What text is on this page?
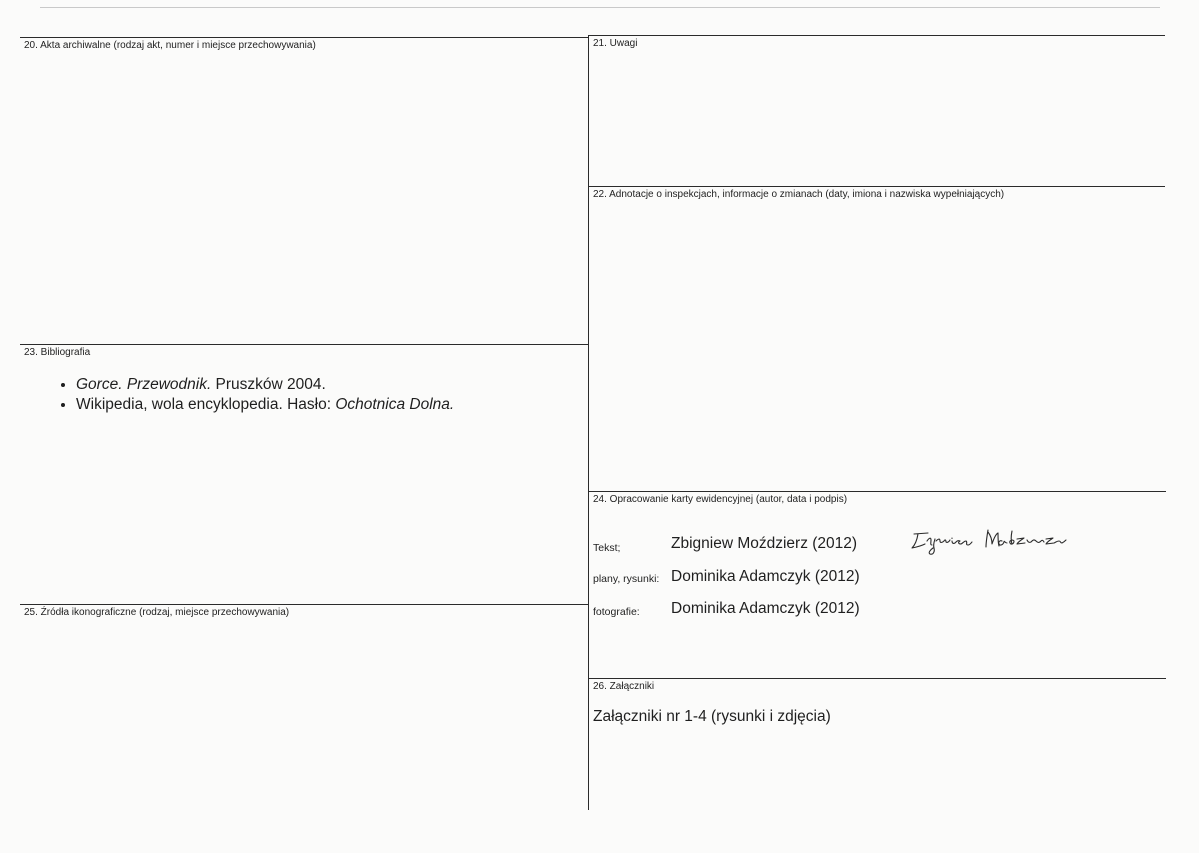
20. Akta archiwalne (rodzaj akt, numer i miejsce przechowywania)	21. Uwagi
22. Adnotacje o inspekcjach, informacje o zmianach (daty, imiona i nazwiska wypełniających)
23. Bibliografia
24. Opracowanie karty ewidencyjnej (autor, data i podpis)
25. Źródła ikonograficzne (rodzaj, miejsce przechowywania)
26. Załączniki
• Gorce. Przewodnik. Pruszków 2004.
• Wikipedia, wola encyklopedia. Hasło: Ochotnica Dolna.
Tekst;	Zbigniew Moździerz (2012)
plany, rysunki: Dominika Adamczyk (2012)
fotografie: Dominika Adamczyk (2012)
Załączniki nr 1-4 (rysunki i zdjęcia)
